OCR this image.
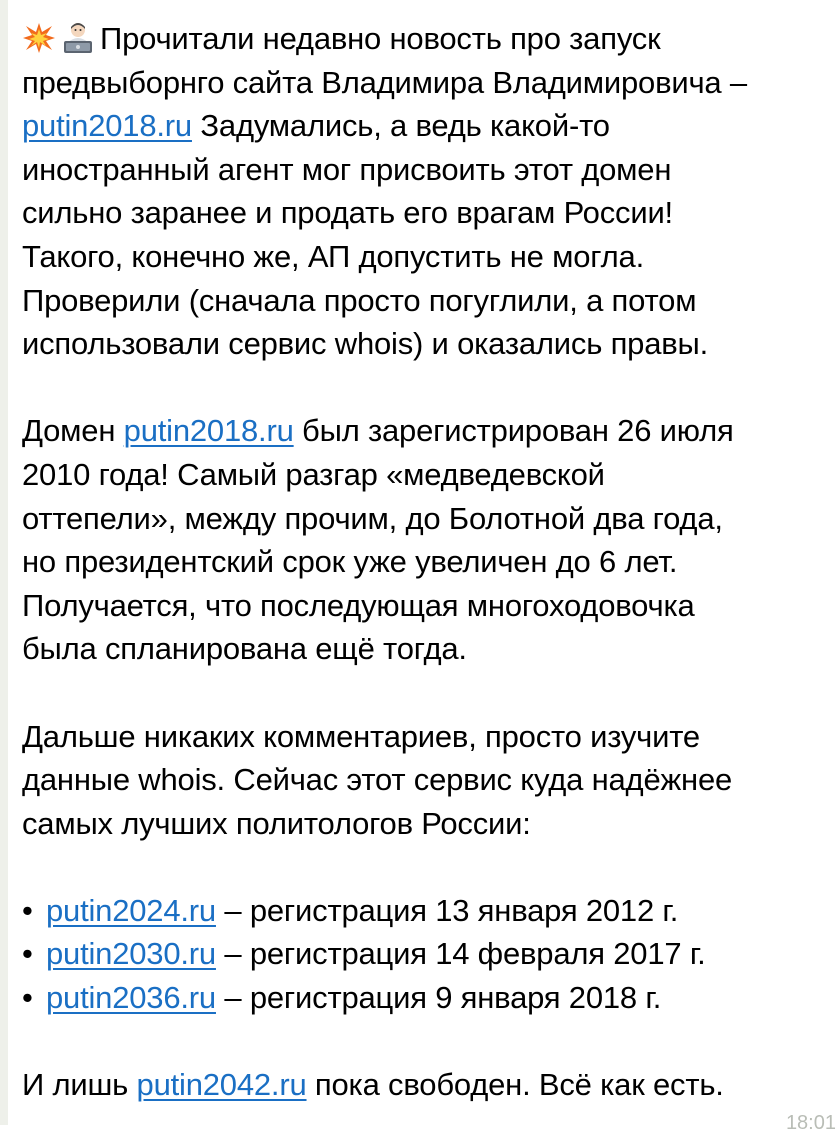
Прочитали недавно новость про запуск
предвыборнго сайта Владимира Владимировича –
putin2018.ru Задумались, а ведь какой-то
иностранный агент мог присвоить этот домен
сильно заранее и продать его врагам России!
Такого, конечно же, АП допустить не могла.
Проверили (сначала просто погуглили, а потом
использовали сервис whois) и оказались правы.
Домен putin2018.ru был зарегистрирован 26 июля
2010 года! Самый разгар «медведевской
оттепели», между прочим, до Болотной два года,
но президентский срок уже увеличен до 6 лет.
Получается, что последующая многоходовочка
была спланирована ещё тогда.
Дальше никаких комментариев, просто изучите
данные whois. Сейчас этот сервис куда надёжнее
самых лучших политологов России:
• putin2024.ru – регистрация 13 января 2012 г.
• putin2030.ru – регистрация 14 февраля 2017 г.
• putin2036.ru – регистрация 9 января 2018 г.
И лишь putin2042.ru пока свободен. Всё как есть.
18:01
